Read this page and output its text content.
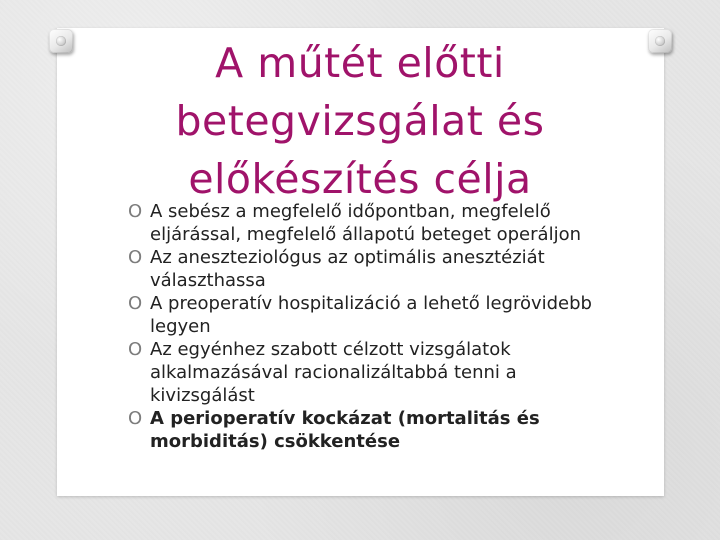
A műtét előtti betegvizsgálat és előkészítés célja
O A sebész a megfelelő időpontban, megfelelő eljárással, megfelelő állapotú beteget operáljon
O Az aneszteziológus az optimális anesztéziát választhassa
O A preoperatív hospitalizáció a lehető legrövidebb legyen
O Az egyénhez szabott célzott vizsgálatok alkalmazásával racionalizáltabbá tenni a kivizsgálást
O A perioperatív kockázat (mortalitás és morbiditás) csökkentése
